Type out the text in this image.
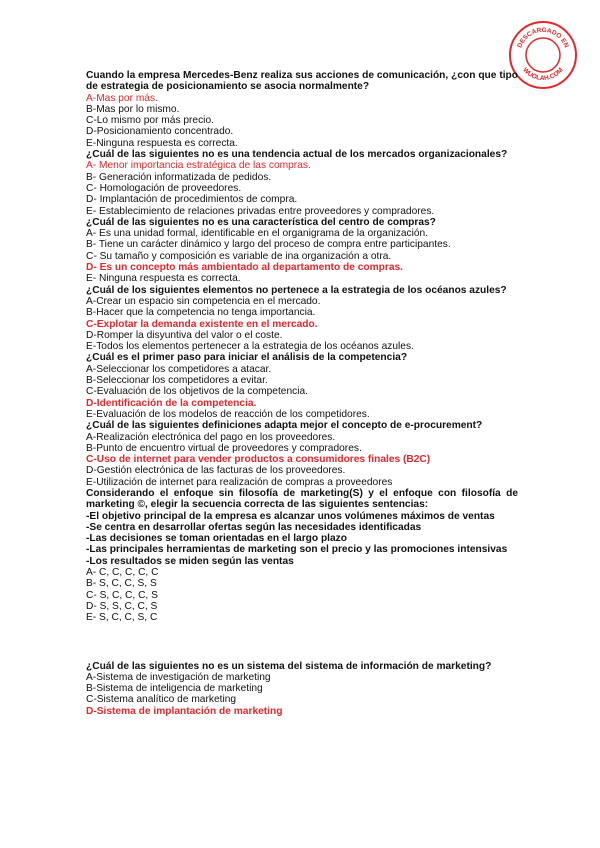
DESCARGADO EN
WUOLAH.COM
Cuando la empresa Mercedes-Benz realiza sus acciones de comunicación, ¿con que tipo de estrategia de posicionamiento se asocia normalmente?
A-Mas por más.
B-Mas por lo mismo.
C-Lo mismo por más precio.
D-Posicionamiento concentrado.
E-Ninguna respuesta es correcta.
¿Cuál de las siguientes no es una tendencia actual de los mercados organizacionales?
A- Menor importancia estratégica de las compras.
B- Generación informatizada de pedidos.
C- Homologación de proveedores.
D- Implantación de procedimientos de compra.
E- Establecimiento de relaciones privadas entre proveedores y compradores.
¿Cuál de las siguientes no es una característica del centro de compras?
A- Es una unidad formal, identificable en el organigrama de la organización.
B- Tiene un carácter dinámico y largo del proceso de compra entre participantes.
C- Su tamaño y composición es variable de ina organización a otra.
D- Es un concepto más ambientado al departamento de compras.
E- Ninguna respuesta es correcta.
¿Cuál de los siguientes elementos no pertenece a la estrategia de los océanos azules?
A-Crear un espacio sin competencia en el mercado.
B-Hacer que la competencia no tenga importancia.
C-Explotar la demanda existente en el mercado.
D-Romper la disyuntiva del valor o el coste.
E-Todos los elementos pertenecer a la estrategia de los océanos azules.
¿Cuál es el primer paso para iniciar el análisis de la competencia?
A-Seleccionar los competidores a atacar.
B-Seleccionar los competidores a evitar.
C-Evaluación de los objetivos de la competencia.
D-Identificación de la competencia.
E-Evaluación de los modelos de reacción de los competidores.
¿Cuál de las siguientes definiciones adapta mejor el concepto de e-procurement?
A-Realización electrónica del pago en los proveedores.
B-Punto de encuentro virtual de proveedores y compradores.
C-Uso de internet para vender productos a consumidores finales (B2C)
D-Gestión electrónica de las facturas de los proveedores.
E-Utilización de internet para realización de compras a proveedores
Considerando el enfoque sin filosofía de marketing(S) y el enfoque con filosofía de marketing ©, elegir la secuencia correcta de las siguientes sentencias:
-El objetivo principal de la empresa es alcanzar unos volúmenes máximos de ventas
-Se centra en desarrollar ofertas según las necesidades identificadas
-Las decisiones se toman orientadas en el largo plazo
-Las principales herramientas de marketing son el precio y las promociones intensivas
-Los resultados se miden según las ventas
A- C, C, C, C, C
B- S, C, C, S, S
C- S, C, C, C, S
D- S, S, C, C, S
E- S, C, C, S, C
¿Cuál de las siguientes no es un sistema del sistema de información de marketing?
A-Sistema de investigación de marketing
B-Sistema de inteligencia de marketing
C-Sistema analítico de marketing
D-Sistema de implantación de marketing
